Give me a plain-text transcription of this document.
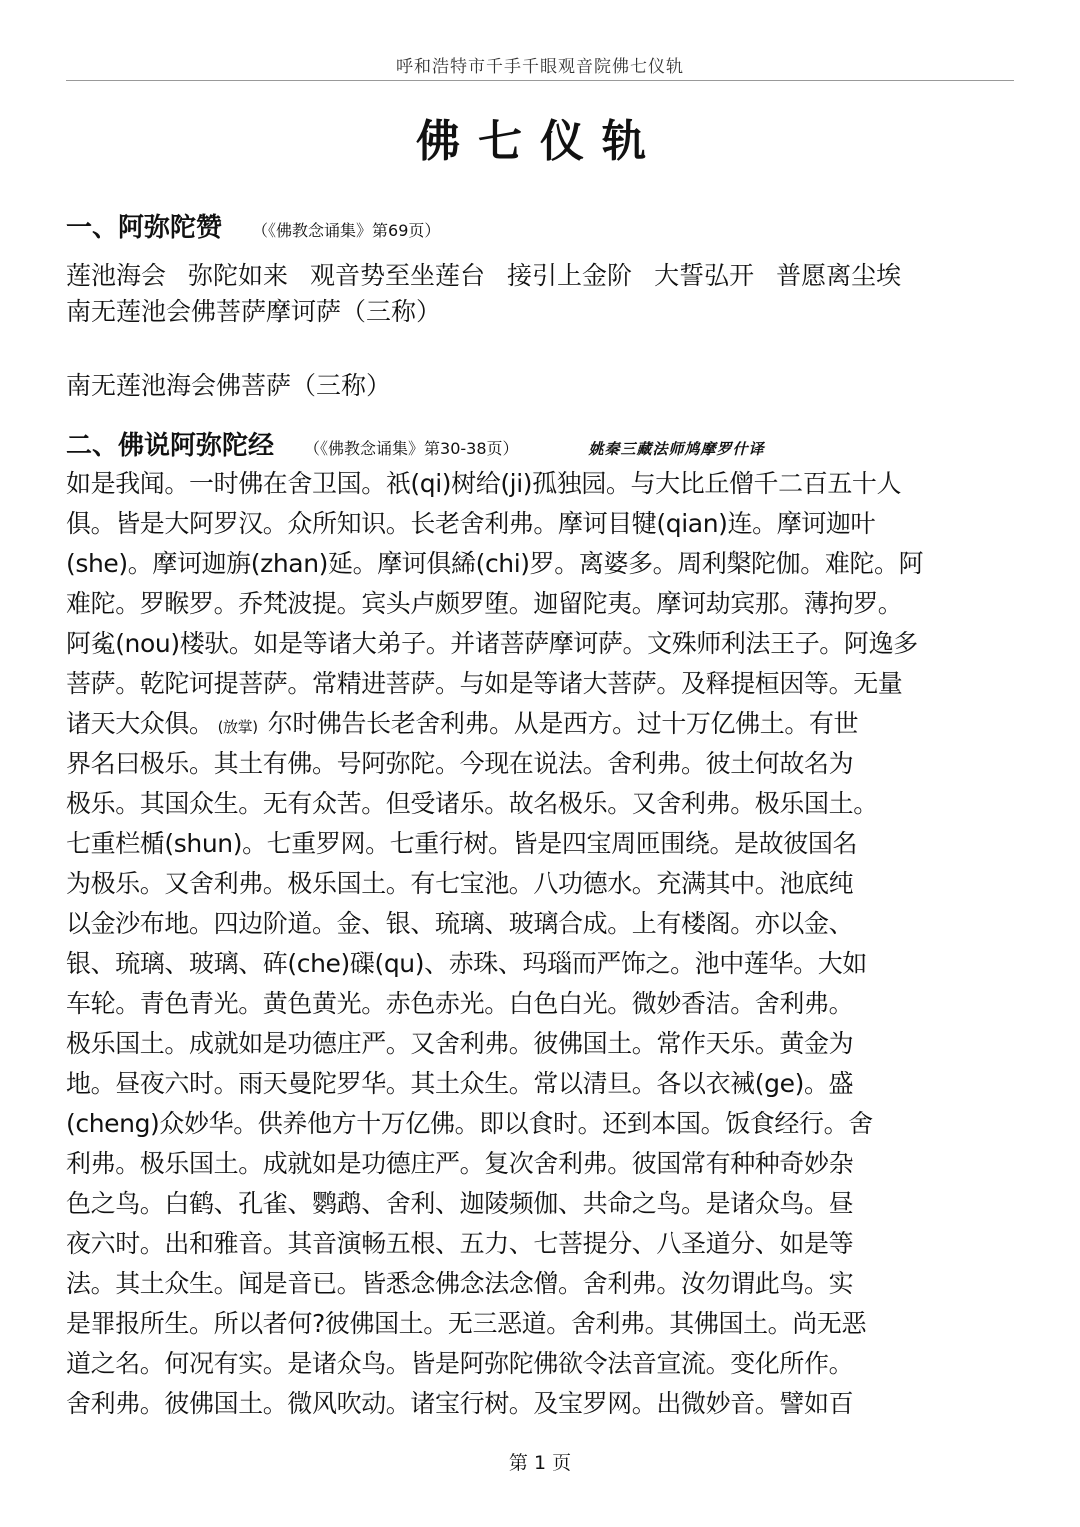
呼和浩特市千手千眼观音院佛七仪轨
佛七仪轨
一、阿弥陀赞 （《佛教念诵集》第69页）
莲池海会 弥陀如来 观音势至坐莲台 接引上金阶 大誓弘开 普愿离尘埃
南无莲池会佛菩萨摩诃萨（三称）
南无莲池海会佛菩萨（三称）
二、佛说阿弥陀经 （《佛教念诵集》第30-38页）	姚秦三藏法师鸠摩罗什译
如是我闻。一时佛在舍卫国。祇(qi)树给(ji)孤独园。与大比丘僧千二百五十人
俱。皆是大阿罗汉。众所知识。长老舍利弗。摩诃目犍(qian)连。摩诃迦叶
(she)。摩诃迦旃(zhan)延。摩诃俱絺(chi)罗。离婆多。周利槃陀伽。难陀。阿
难陀。罗睺罗。乔梵波提。宾头卢颇罗堕。迦留陀夷。摩诃劫宾那。薄拘罗。
阿㝹(nou)楼驮。如是等诸大弟子。并诸菩萨摩诃萨。文殊师利法王子。阿逸多
菩萨。乾陀诃提菩萨。常精进菩萨。与如是等诸大菩萨。及释提桓因等。无量
诸天大众俱。 (放掌) 尔时佛告长老舍利弗。从是西方。过十万亿佛土。有世
界名曰极乐。其土有佛。号阿弥陀。今现在说法。舍利弗。彼土何故名为
极乐。其国众生。无有众苦。但受诸乐。故名极乐。又舍利弗。极乐国土。
七重栏楯(shun)。七重罗网。七重行树。皆是四宝周匝围绕。是故彼国名
为极乐。又舍利弗。极乐国土。有七宝池。八功德水。充满其中。池底纯
以金沙布地。四边阶道。金、银、琉璃、玻璃合成。上有楼阁。亦以金、
银、琉璃、玻璃、砗(che)磲(qu)、赤珠、玛瑙而严饰之。池中莲华。大如
车轮。青色青光。黄色黄光。赤色赤光。白色白光。微妙香洁。舍利弗。
极乐国土。成就如是功德庄严。又舍利弗。彼佛国土。常作天乐。黄金为
地。昼夜六时。雨天曼陀罗华。其土众生。常以清旦。各以衣裓(ge)。盛
(cheng)众妙华。供养他方十万亿佛。即以食时。还到本国。饭食经行。舍
利弗。极乐国土。成就如是功德庄严。复次舍利弗。彼国常有种种奇妙杂
色之鸟。白鹤、孔雀、鹦鹉、舍利、迦陵频伽、共命之鸟。是诸众鸟。昼
夜六时。出和雅音。其音演畅五根、五力、七菩提分、八圣道分、如是等
法。其土众生。闻是音已。皆悉念佛念法念僧。舍利弗。汝勿谓此鸟。实
是罪报所生。所以者何?彼佛国土。无三恶道。舍利弗。其佛国土。尚无恶
道之名。何况有实。是诸众鸟。皆是阿弥陀佛欲令法音宣流。变化所作。
舍利弗。彼佛国土。微风吹动。诸宝行树。及宝罗网。出微妙音。譬如百
第 1 页
